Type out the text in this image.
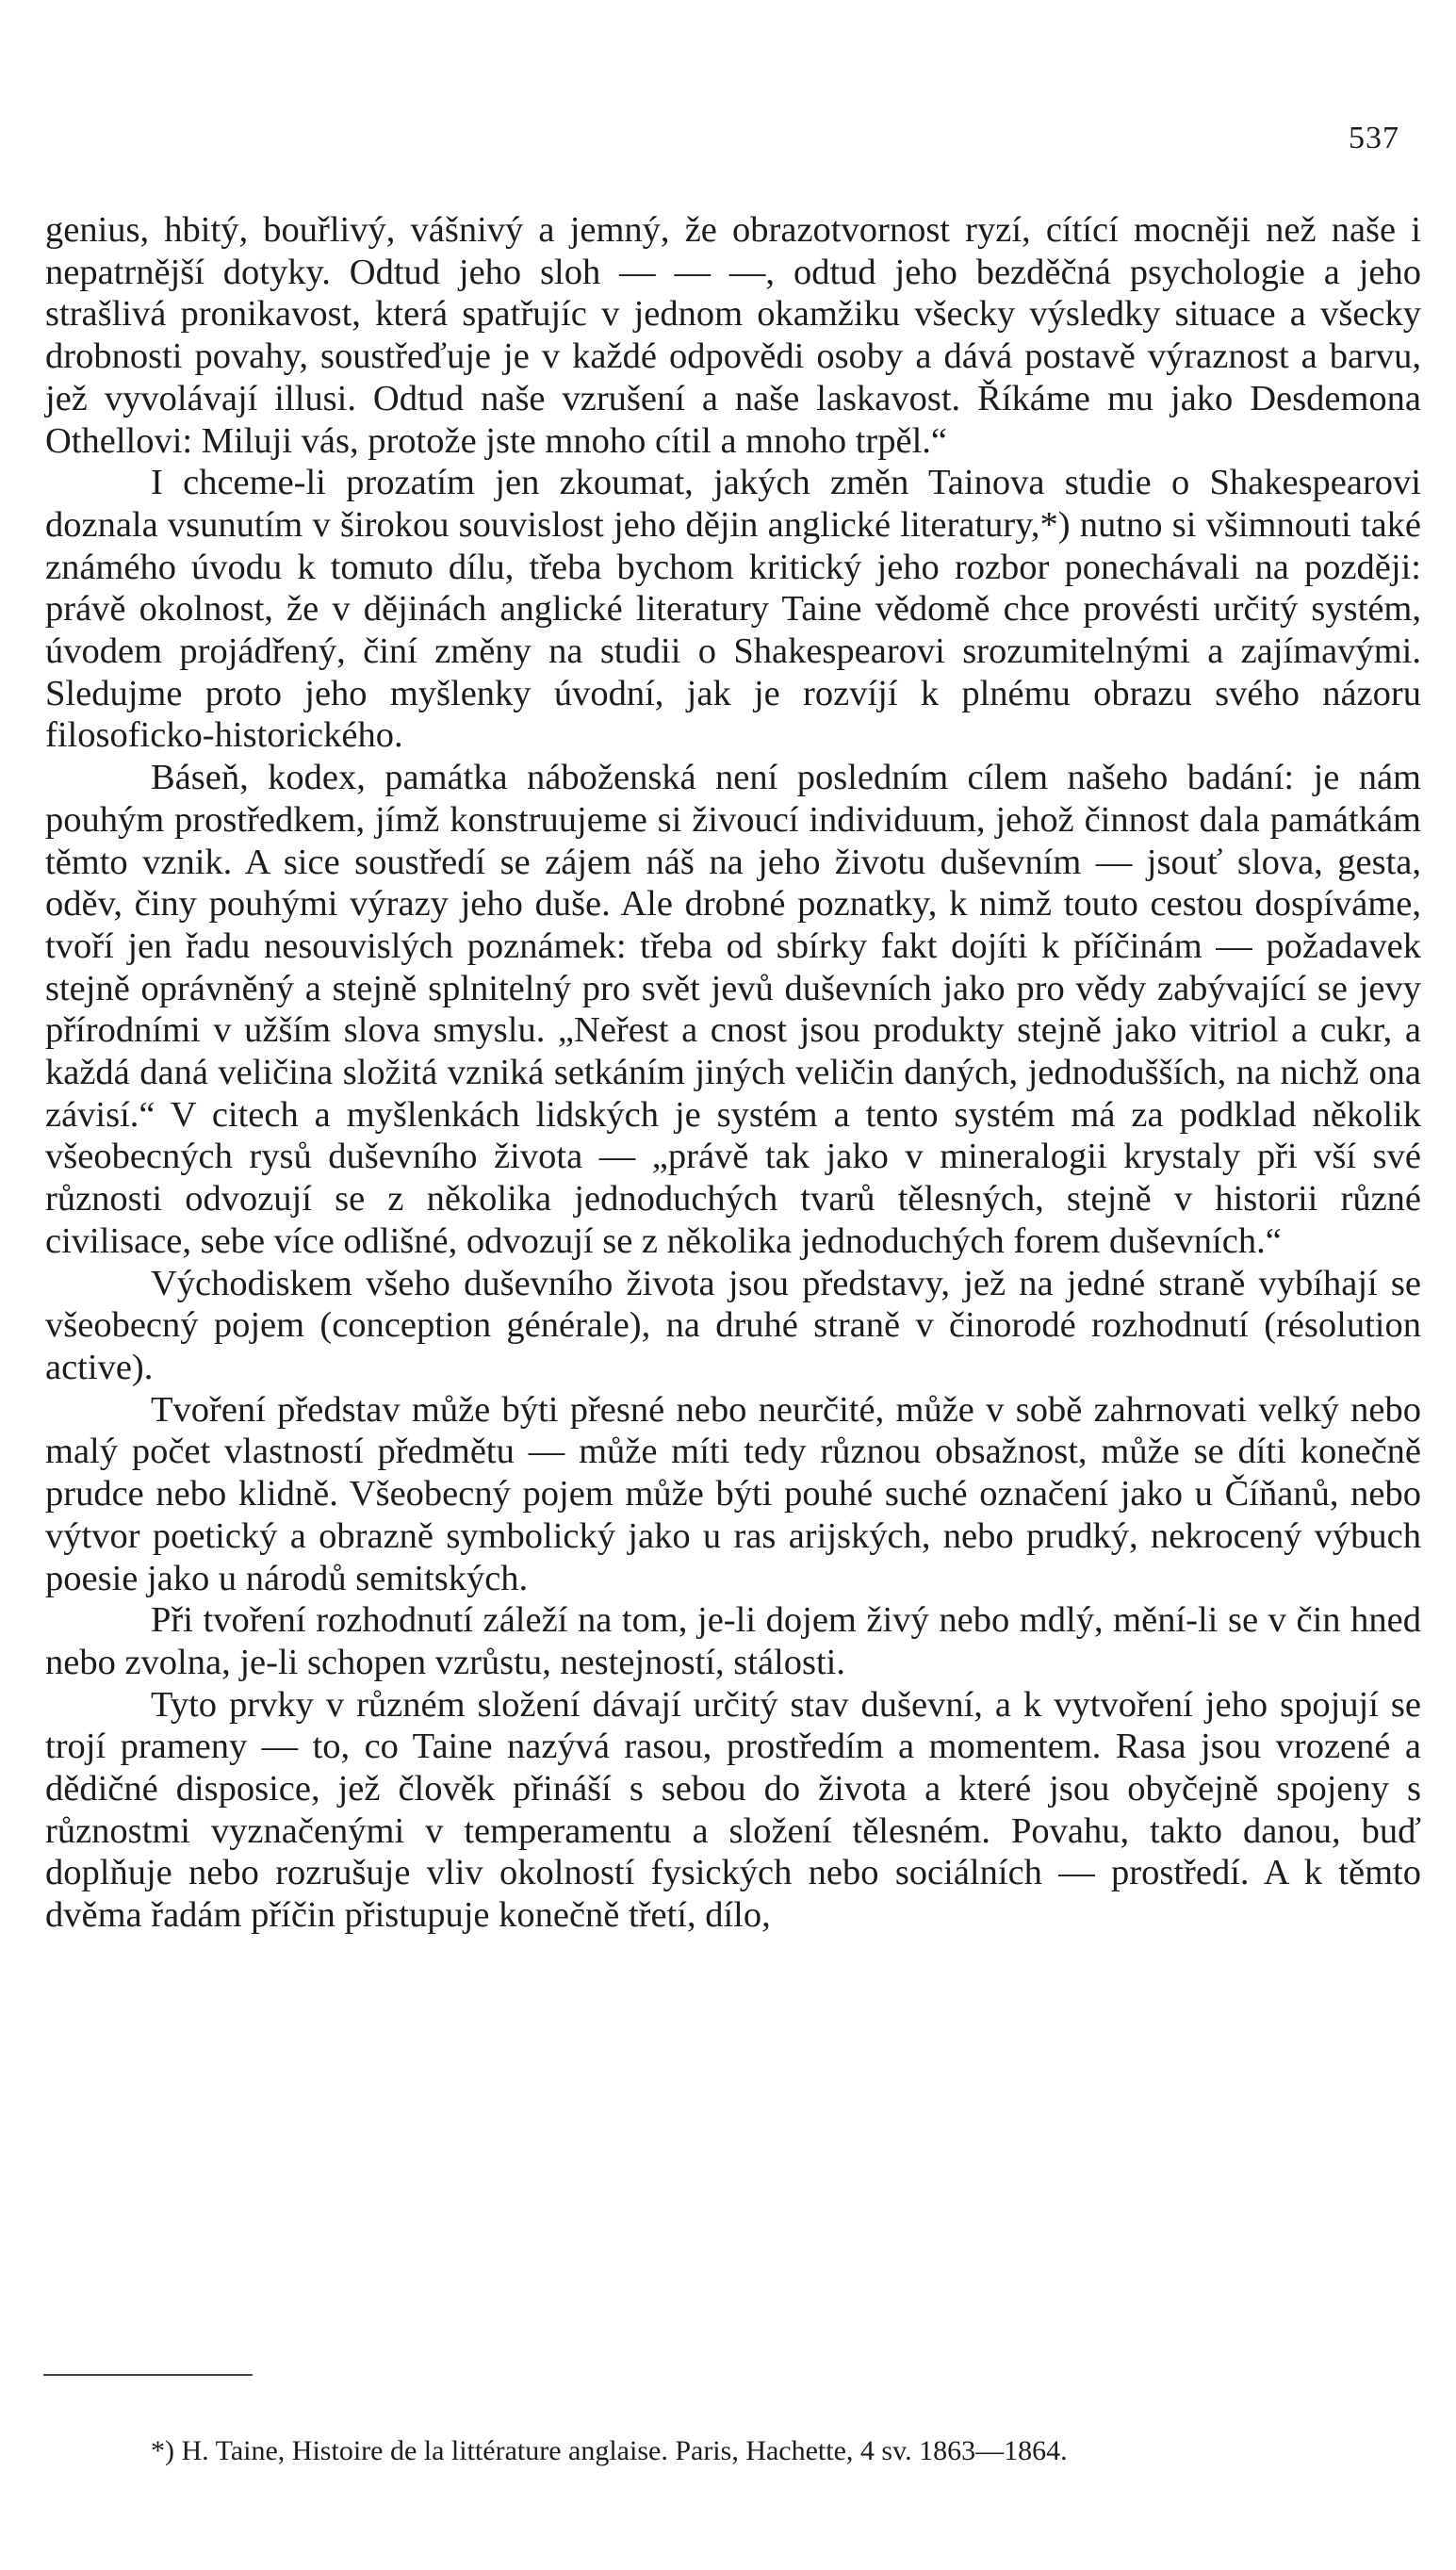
537

genius, hbitý, bouřlivý, vášnivý a jemný, že obrazotvornost ryzí, cítící mocněji než naše i nepatrnější dotyky. Odtud jeho sloh — — —, odtud jeho bezděčná psychologie a jeho strašlivá pronikavost, která spatřujíc v jednom okamžiku všecky výsledky situace a všecky drobnosti povahy, soustřeďuje je v každé odpovědi osoby a dává postavě výraznost a barvu, jež vyvolávají illusi. Odtud naše vzrušení a naše laskavost. Říkáme mu jako Desdemona Othellovi: Miluji vás, protože jste mnoho cítil a mnoho trpěl.“

I chceme-li prozatím jen zkoumat, jakých změn Tainova studie o Shakespearovi doznala vsunutím v širokou souvislost jeho dějin anglické literatury,*) nutno si všimnouti také známého úvodu k tomuto dílu, třeba bychom kritický jeho rozbor ponechávali na později: právě okolnost, že v dějinách anglické literatury Taine vědomě chce provésti určitý systém, úvodem projádřený, činí změny na studii o Shakespearovi srozumitelnými a zajímavými. Sledujme proto jeho myšlenky úvodní, jak je rozvíjí k plnému obrazu svého názoru filosoficko-historického.

Báseň, kodex, památka náboženská není posledním cílem našeho badání: je nám pouhým prostředkem, jímž konstruujeme si živoucí individuum, jehož činnost dala památkám těmto vznik. A sice soustředí se zájem náš na jeho životu duševním — jsouť slova, gesta, oděv, činy pouhými výrazy jeho duše. Ale drobné poznatky, k nimž touto cestou dospíváme, tvoří jen řadu nesouvislých poznámek: třeba od sbírky fakt dojíti k příčinám — požadavek stejně oprávněný a stejně splnitelný pro svět jevů duševních jako pro vědy zabývající se jevy přírodními v užším slova smyslu. „Neřest a cnost jsou produkty stejně jako vitriol a cukr, a každá daná veličina složitá vzniká setkáním jiných veličin daných, jednodušších, na nichž ona závisí.“ V citech a myšlenkách lidských je systém a tento systém má za podklad několik všeobecných rysů duševního života — „právě tak jako v mineralogii krystaly při vší své různosti odvozují se z několika jednoduchých tvarů tělesných, stejně v historii různé civilisace, sebe více odlišné, odvozují se z několika jednoduchých forem duševních.“

Východiskem všeho duševního života jsou představy, jež na jedné straně vybíhají se všeobecný pojem (conception générale), na druhé straně v činorodé rozhodnutí (résolution active).

Tvoření představ může býti přesné nebo neurčité, může v sobě zahrnovati velký nebo malý počet vlastností předmětu — může míti tedy různou obsažnost, může se díti konečně prudce nebo klidně. Všeobecný pojem může býti pouhé suché označení jako u Číňanů, nebo výtvor poetický a obrazně symbolický jako u ras arijských, nebo prudký, nekrocený výbuch poesie jako u národů semitských.

Při tvoření rozhodnutí záleží na tom, je-li dojem živý nebo mdlý, mění-li se v čin hned nebo zvolna, je-li schopen vzrůstu, nestejností, stálosti.

Tyto prvky v různém složení dávají určitý stav duševní, a k vytvoření jeho spojují se trojí prameny — to, co Taine nazývá rasou, prostředím a momentem. Rasa jsou vrozené a dědičné disposice, jež člověk přináší s sebou do života a které jsou obyčejně spojeny s různostmi vyznačenými v temperamentu a složení tělesném. Povahu, takto danou, buď doplňuje nebo rozrušuje vliv okolností fysických nebo sociálních — prostředí. A k těmto dvěma řadám příčin přistupuje konečně třetí, dílo,

*) H. Taine, Histoire de la littérature anglaise. Paris, Hachette, 4 sv. 1863—1864.
